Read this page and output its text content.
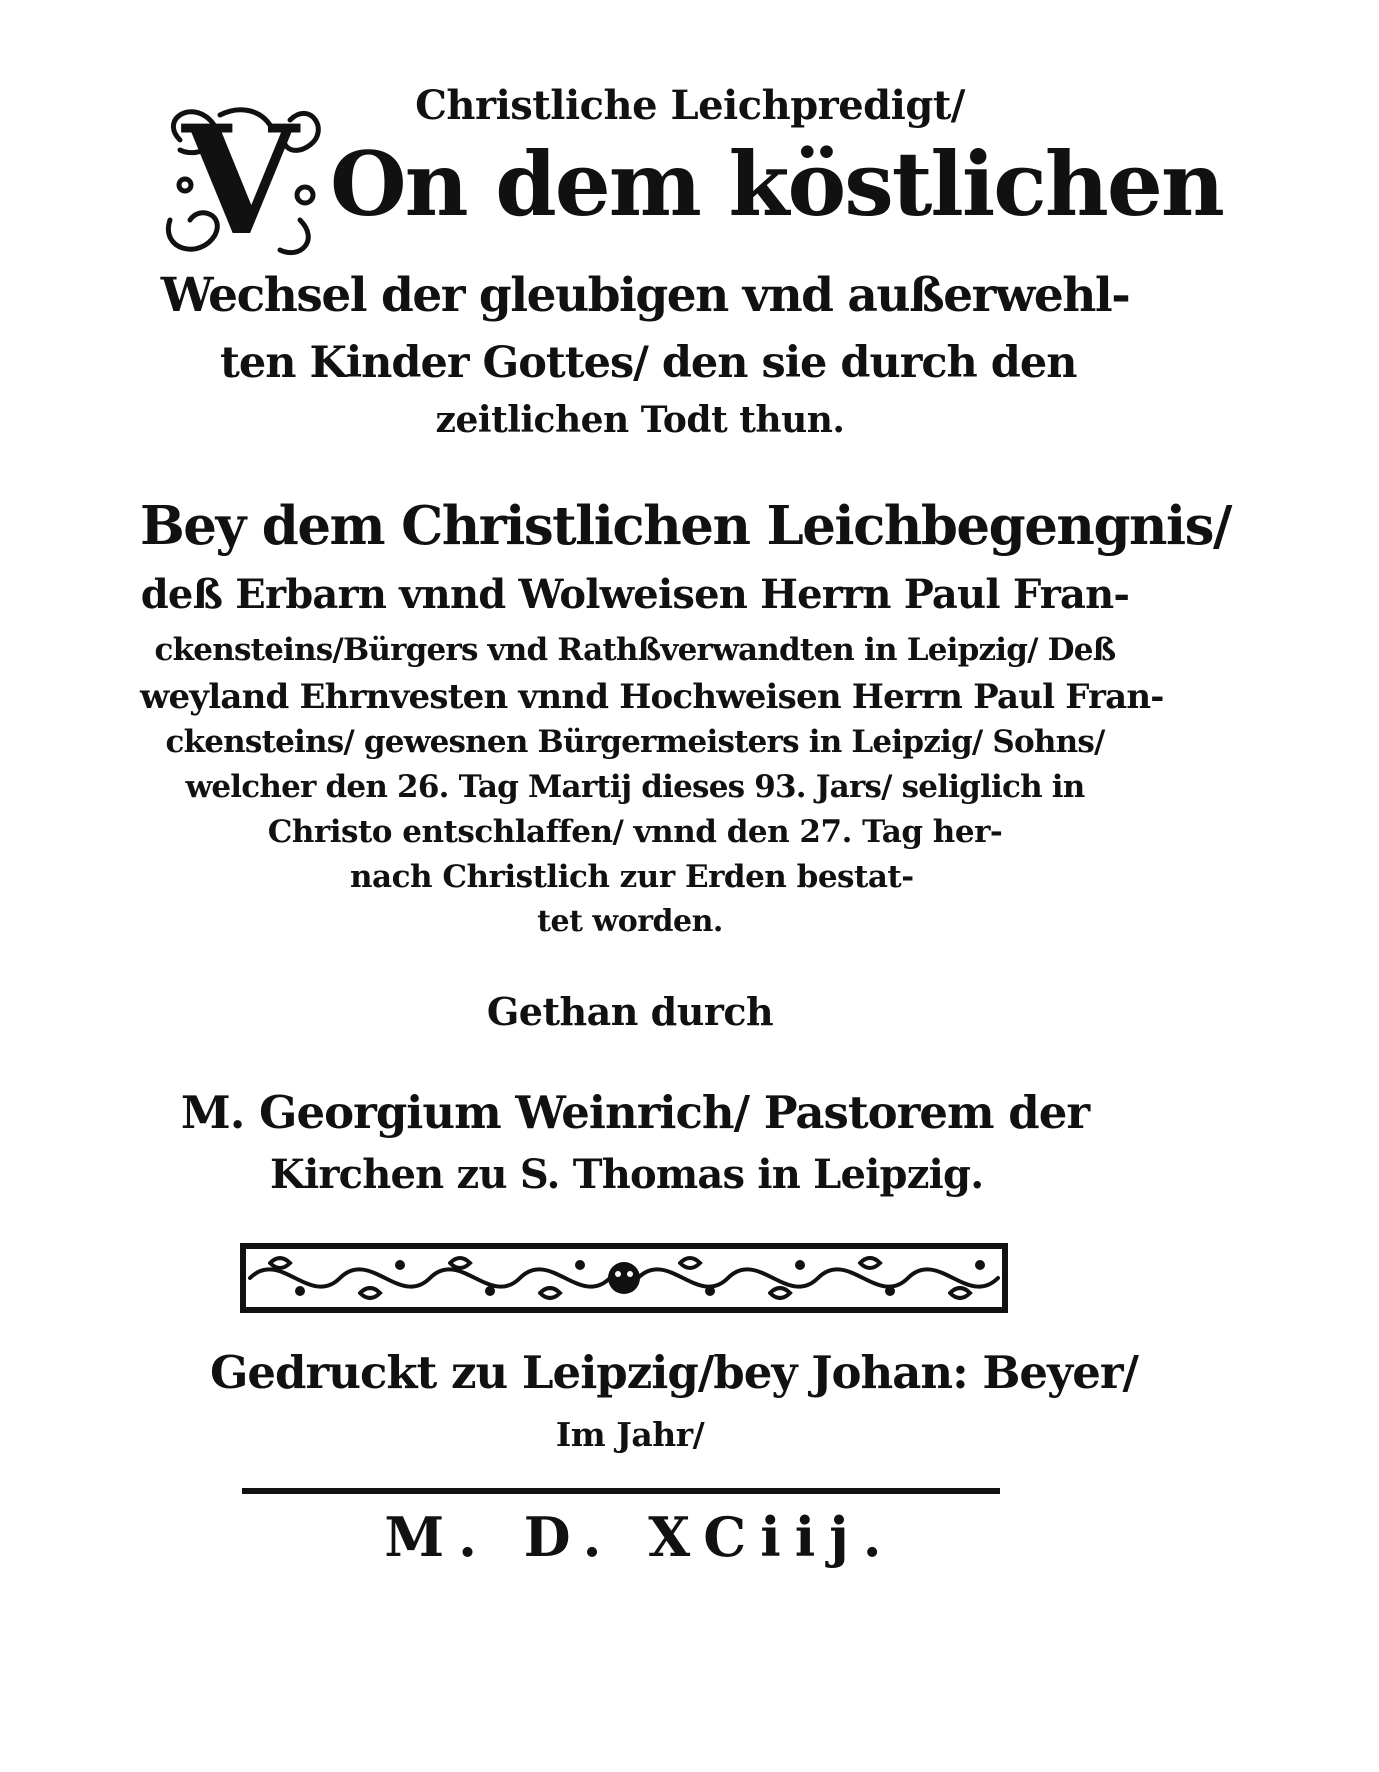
Christliche Leichpredigt/
V On dem köstlichen
Wechsel der gleubigen vnd außerwehl-
ten Kinder Gottes/ den sie durch den
zeitlichen Todt thun.
Bey dem Christlichen Leichbegengnis/
deß Erbarn vnnd Wolweisen Herrn Paul Fran-
ckensteins/Bürgers vnd Rathßverwandten in Leipzig/ Deß
weyland Ehrnvesten vnnd Hochweisen Herrn Paul Fran-
ckensteins/ gewesnen Bürgermeisters in Leipzig/ Sohns/
welcher den 26. Tag Martij dieses 93. Jars/ seliglich in
Christo entschlaffen/ vnnd den 27. Tag her-
nach Christlich zur Erden bestat-
tet worden.
Gethan durch
M. Georgium Weinrich/ Pastorem der
Kirchen zu S. Thomas in Leipzig.
Gedruckt zu Leipzig/bey Johan: Beyer/
Im Jahr/
M. D. XCiij.
